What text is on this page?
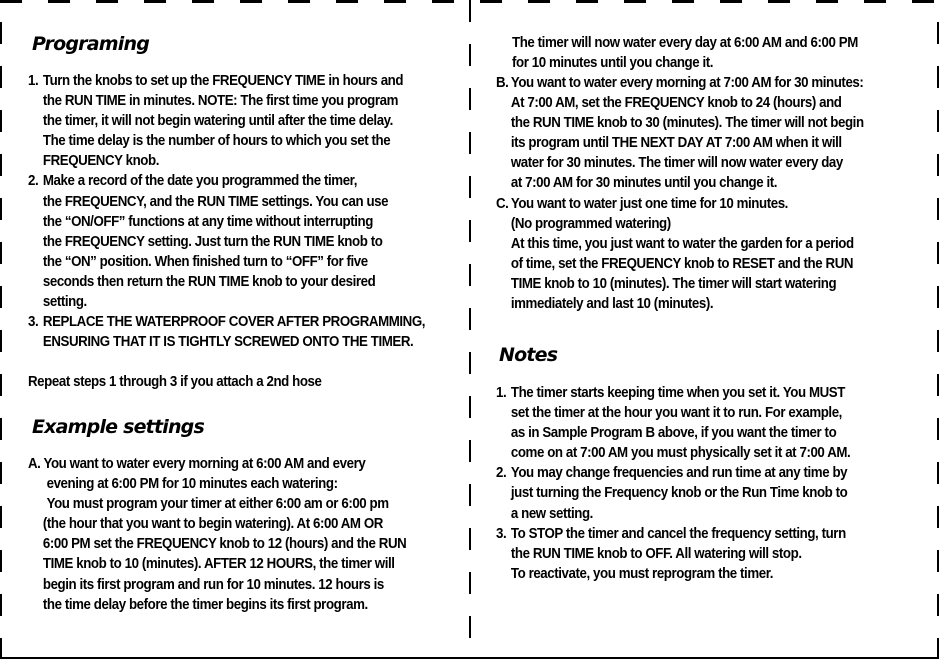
Programing
1. Turn the knobs to set up the FREQUENCY TIME in hours and
the RUN TIME in minutes. NOTE: The first time you program
the timer, it will not begin watering until after the time delay.
The time delay is the number of hours to which you set the
FREQUENCY knob.
2. Make a record of the date you programmed the timer,
the FREQUENCY, and the RUN TIME settings. You can use
the “ON/OFF” functions at any time without interrupting
the FREQUENCY setting. Just turn the RUN TIME knob to
the “ON” position. When finished turn to “OFF” for five
seconds then return the RUN TIME knob to your desired
setting.
3. REPLACE THE WATERPROOF COVER AFTER PROGRAMMING,
ENSURING THAT IT IS TIGHTLY SCREWED ONTO THE TIMER.
Repeat steps 1 through 3 if you attach a 2nd hose
Example settings
A. You want to water every morning at 6:00 AM and every
evening at 6:00 PM for 10 minutes each watering:
You must program your timer at either 6:00 am or 6:00 pm
(the hour that you want to begin watering). At 6:00 AM OR
6:00 PM set the FREQUENCY knob to 12 (hours) and the RUN
TIME knob to 10 (minutes). AFTER 12 HOURS, the timer will
begin its first program and run for 10 minutes. 12 hours is
the time delay before the timer begins its first program.
The timer will now water every day at 6:00 AM and 6:00 PM
for 10 minutes until you change it.
B. You want to water every morning at 7:00 AM for 30 minutes:
At 7:00 AM, set the FREQUENCY knob to 24 (hours) and
the RUN TIME knob to 30 (minutes). The timer will not begin
its program until THE NEXT DAY AT 7:00 AM when it will
water for 30 minutes. The timer will now water every day
at 7:00 AM for 30 minutes until you change it.
C. You want to water just one time for 10 minutes.
(No programmed watering)
At this time, you just want to water the garden for a period
of time, set the FREQUENCY knob to RESET and the RUN
TIME knob to 10 (minutes). The timer will start watering
immediately and last 10 (minutes).
Notes
1. The timer starts keeping time when you set it. You MUST
set the timer at the hour you want it to run. For example,
as in Sample Program B above, if you want the timer to
come on at 7:00 AM you must physically set it at 7:00 AM.
2. You may change frequencies and run time at any time by
just turning the Frequency knob or the Run Time knob to
a new setting.
3. To STOP the timer and cancel the frequency setting, turn
the RUN TIME knob to OFF. All watering will stop.
To reactivate, you must reprogram the timer.
